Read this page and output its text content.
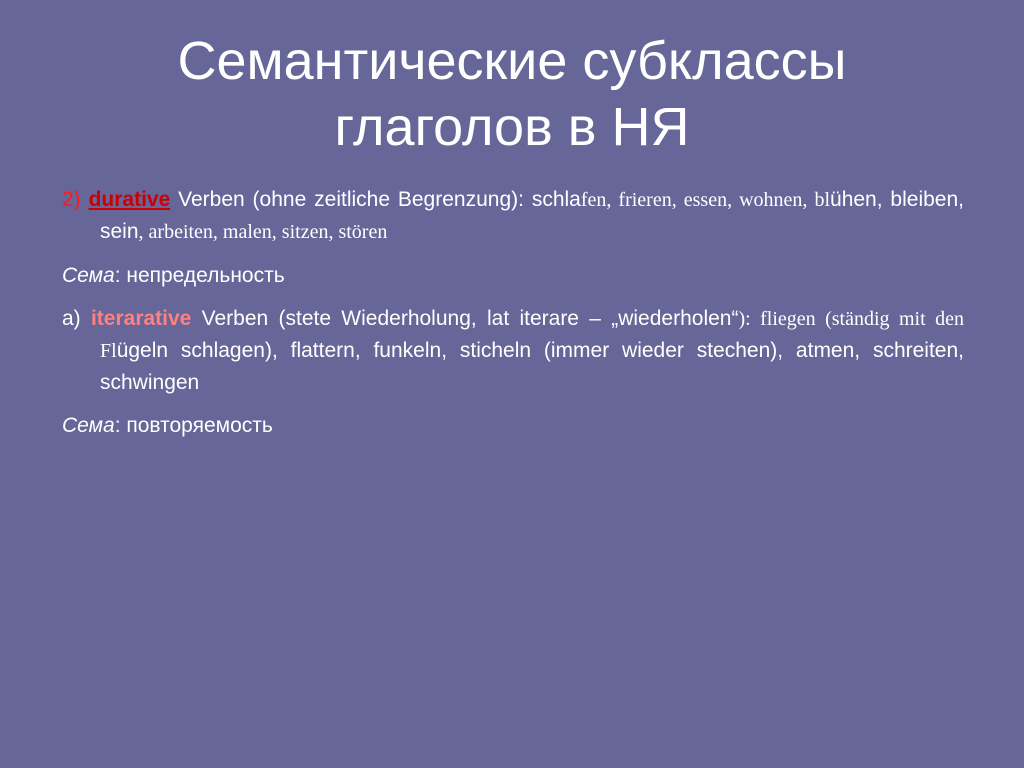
Семантические субклассы
глаголов в НЯ

2) durative Verben (ohne zeitliche Begrenzung): schlafen, frieren, essen, wohnen, blühen, bleiben, sein, arbeiten, malen, sitzen, stören

Сема: непредельность

a) iterarative Verben (stete Wiederholung, lat iterare – „wiederholen“): fliegen (ständig mit den Flügeln schlagen), flattern, funkeln, sticheln (immer wieder stechen), atmen, schreiten, schwingen

Сема: повторяемость
